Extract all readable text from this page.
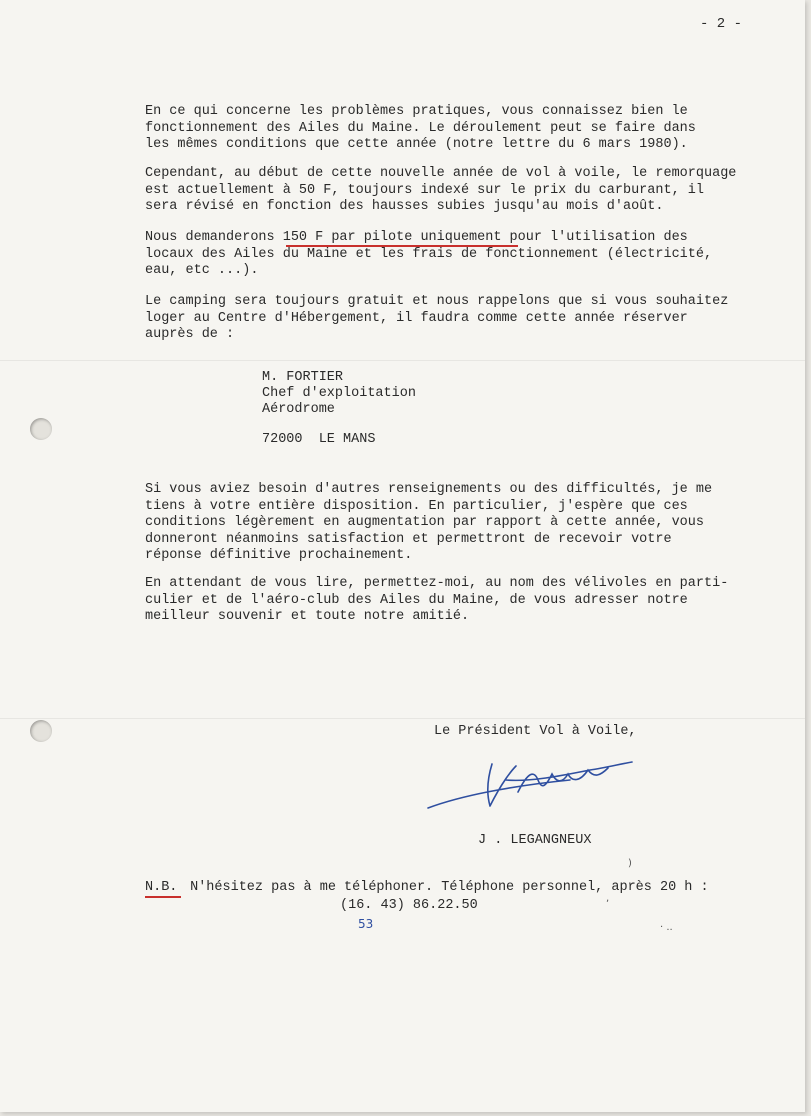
- 2 -
En ce qui concerne les problèmes pratiques, vous connaissez bien le
fonctionnement des Ailes du Maine. Le déroulement peut se faire dans
les mêmes conditions que cette année (notre lettre du 6 mars 1980).
Cependant, au début de cette nouvelle année de vol à voile, le remorquage
est actuellement à 50 F, toujours indexé sur le prix du carburant, il
sera révisé en fonction des hausses subies jusqu'au mois d'août.
Nous demanderons 150 F par pilote uniquement pour l'utilisation des
locaux des Ailes du Maine et les frais de fonctionnement (électricité,
eau, etc ...).
Le camping sera toujours gratuit et nous rappelons que si vous souhaitez
loger au Centre d'Hébergement, il faudra comme cette année réserver
auprès de :
M. FORTIER
Chef d'exploitation
Aérodrome
72000  LE MANS
Si vous aviez besoin d'autres renseignements ou des difficultés, je me
tiens à votre entière disposition. En particulier, j'espère que ces
conditions légèrement en augmentation par rapport à cette année, vous
donneront néanmoins satisfaction et permettront de recevoir votre
réponse définitive prochainement.
En attendant de vous lire, permettez-moi, au nom des vélivoles en parti-
culier et de l'aéro-club des Ailes du Maine, de vous adresser notre
meilleur souvenir et toute notre amitié.
Le Président Vol à Voile,
J . LEGANGNEUX
N.B. N'hésitez pas à me téléphoner. Téléphone personnel, après 20 h :
(16. 43) 86.22.50
53
)
,
· ..
